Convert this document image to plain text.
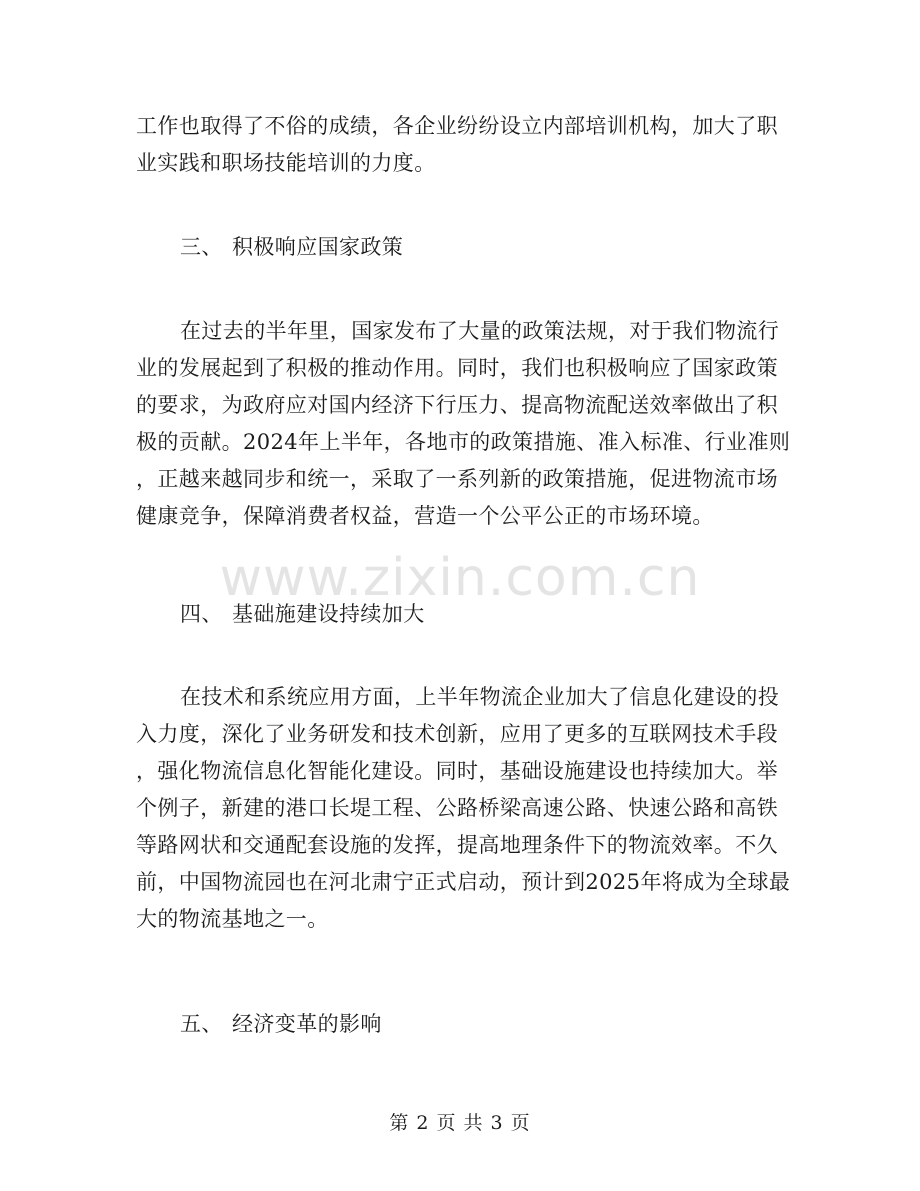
www.zixin.com.cn
工作也取得了不俗的成绩，各企业纷纷设立内部培训机构，加大了职
业实践和职场技能培训的力度。
三、 积极响应国家政策
在过去的半年里，国家发布了大量的政策法规，对于我们物流行
业的发展起到了积极的推动作用。同时，我们也积极响应了国家政策
的要求，为政府应对国内经济下行压力、提高物流配送效率做出了积
极的贡献。2024年上半年，各地市的政策措施、准入标准、行业准则
，正越来越同步和统一，采取了一系列新的政策措施，促进物流市场
健康竞争，保障消费者权益，营造一个公平公正的市场环境。
四、 基础施建设持续加大
在技术和系统应用方面，上半年物流企业加大了信息化建设的投
入力度，深化了业务研发和技术创新，应用了更多的互联网技术手段
，强化物流信息化智能化建设。同时，基础设施建设也持续加大。举
个例子，新建的港口长堤工程、公路桥梁高速公路、快速公路和高铁
等路网状和交通配套设施的发挥，提高地理条件下的物流效率。不久
前，中国物流园也在河北肃宁正式启动，预计到2025年将成为全球最
大的物流基地之一。
五、 经济变革的影响
第 2 页 共 3 页
